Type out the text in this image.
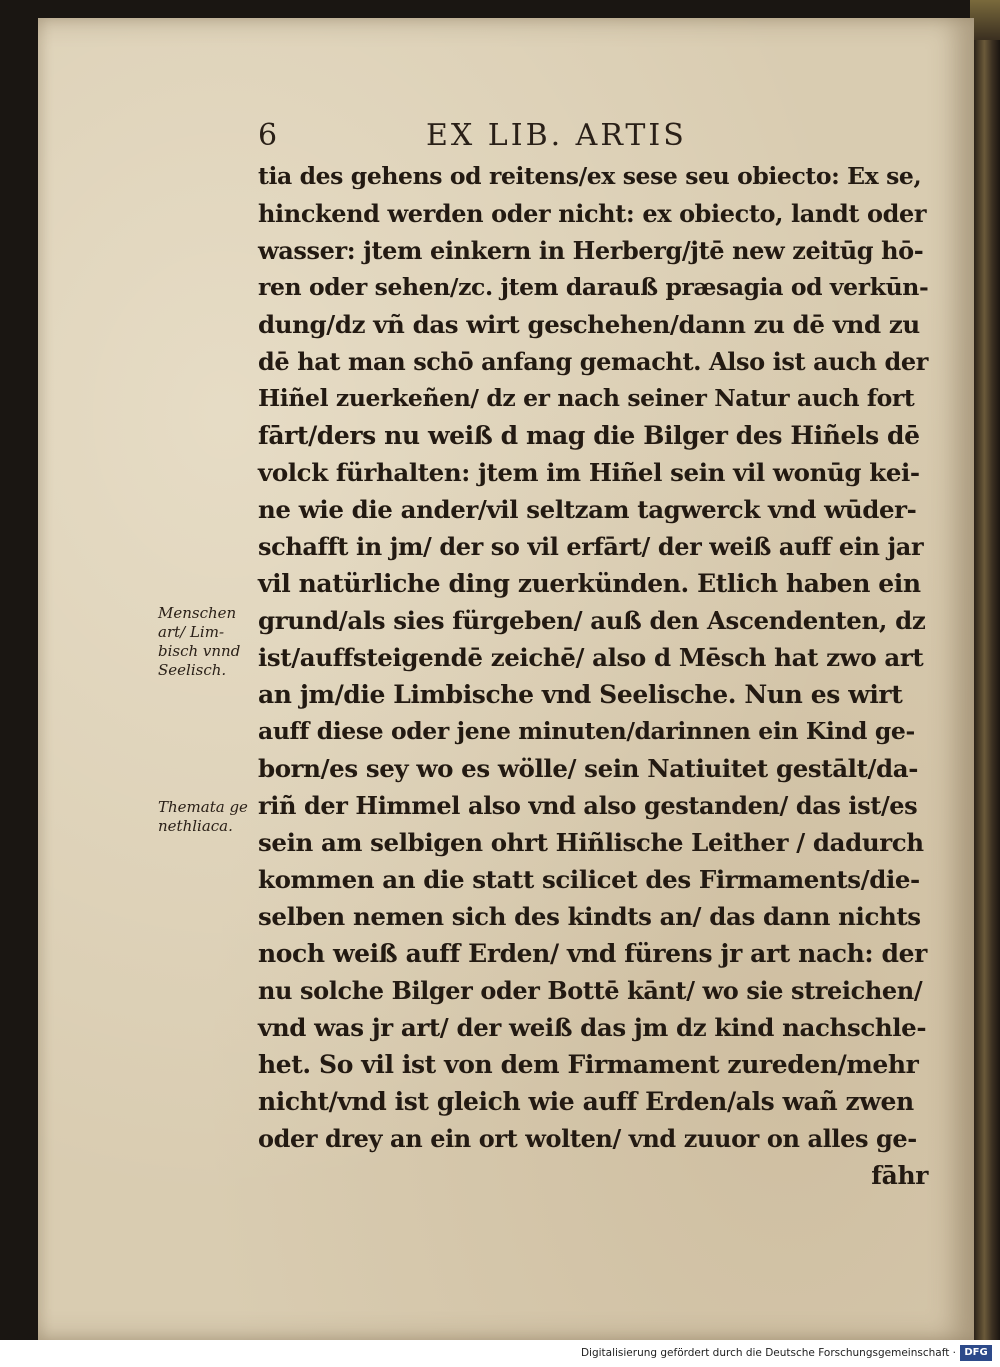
6	EX LIB. ARTIS
Menschen
art/ Lim-
bisch vnnd
Seelisch.
Themata ge
nethliaca.
tia des gehens od reitens/ex sese seu obiecto: Ex se,
hinckend werden oder nicht: ex obiecto, landt oder
wasser: jtem einkern in Herberg/jtē new zeitūg hō-
ren oder sehen/zc. jtem darauß præsagia od verkūn-
dung/dz vñ das wirt geschehen/dann zu dē vnd zu
dē hat man schō anfang gemacht. Also ist auch der
Hiñel zuerkeñen/ dz er nach seiner Natur auch fort
fārt/ders nu weiß d mag die Bilger des Hiñels dē
volck fürhalten: jtem im Hiñel sein vil wonūg kei-
ne wie die ander/vil seltzam tagwerck vnd wūder-
schafft in jm/ der so vil erfārt/ der weiß auff ein jar
vil natürliche ding zuerkünden. Etlich haben ein
grund/als sies fürgeben/ auß den Ascendenten, dz
ist/auffsteigendē zeichē/ also d Mēsch hat zwo art
an jm/die Limbische vnd Seelische. Nun es wirt
auff diese oder jene minuten/darinnen ein Kind ge-
born/es sey wo es wölle/ sein Natiuitet gestālt/da-
riñ der Himmel also vnd also gestanden/ das ist/es
sein am selbigen ohrt Hiñlische Leither / dadurch
kommen an die statt scilicet des Firmaments/die-
selben nemen sich des kindts an/ das dann nichts
noch weiß auff Erden/ vnd fürens jr art nach: der
nu solche Bilger oder Bottē kānt/ wo sie streichen/
vnd was jr art/ der weiß das jm dz kind nachschle-
het. So vil ist von dem Firmament zureden/mehr
nicht/vnd ist gleich wie auff Erden/als wañ zwen
oder drey an ein ort wolten/ vnd zuuor on alles ge-
fāhr
Digitalisierung gefördert durch die Deutsche Forschungsgemeinschaft · DFG
